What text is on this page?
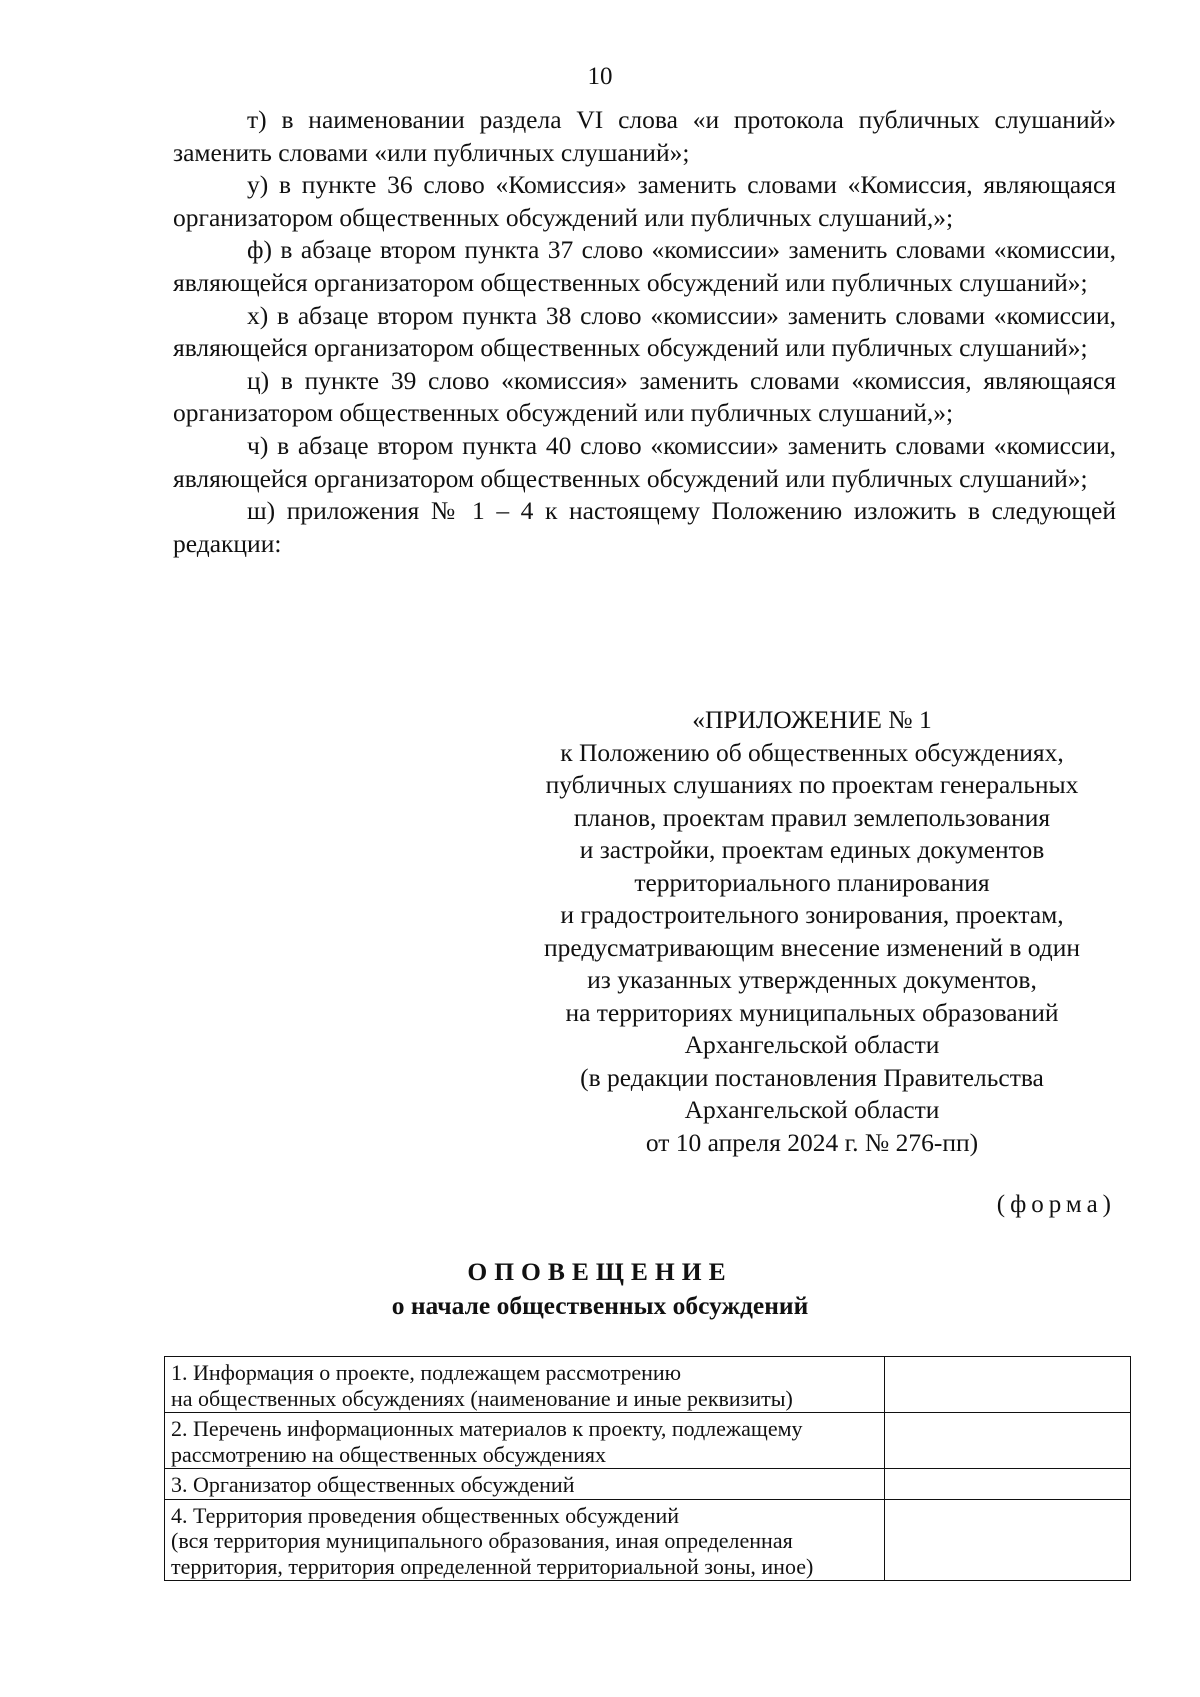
10

т) в наименовании раздела VI слова «и протокола публичных слушаний» заменить словами «или публичных слушаний»;

у) в пункте 36 слово «Комиссия» заменить словами «Комиссия, являющаяся организатором общественных обсуждений или публичных слушаний,»;

ф) в абзаце втором пункта 37 слово «комиссии» заменить словами «комиссии, являющейся организатором общественных обсуждений или публичных слушаний»;

х) в абзаце втором пункта 38 слово «комиссии» заменить словами «комиссии, являющейся организатором общественных обсуждений или публичных слушаний»;

ц) в пункте 39 слово «комиссия» заменить словами «комиссия, являющаяся организатором общественных обсуждений или публичных слушаний,»;

ч) в абзаце втором пункта 40 слово «комиссии» заменить словами «комиссии, являющейся организатором общественных обсуждений или публичных слушаний»;

ш) приложения № 1 – 4 к настоящему Положению изложить в следующей редакции:

«ПРИЛОЖЕНИЕ № 1
к Положению об общественных обсуждениях,
публичных слушаниях по проектам генеральных
планов, проектам правил землепользования
и застройки, проектам единых документов
территориального планирования
и градостроительного зонирования, проектам,
предусматривающим внесение изменений в один
из указанных утвержденных документов,
на территориях муниципальных образований
Архангельской области
(в редакции постановления Правительства
Архангельской области
от 10 апреля 2024 г. № 276-пп)
(форма)
ОПОВЕЩЕНИЕ
о начале общественных обсуждений
1. Информация о проекте, подлежащем рассмотрению
на общественных обсуждениях (наименование и иные реквизиты)	

2. Перечень информационных материалов к проекту, подлежащему
рассмотрению на общественных обсуждениях	

3. Организатор общественных обсуждений	

4. Территория проведения общественных обсуждений
(вся территория муниципального образования, иная определенная
территория, территория определенной территориальной зоны, иное)	
